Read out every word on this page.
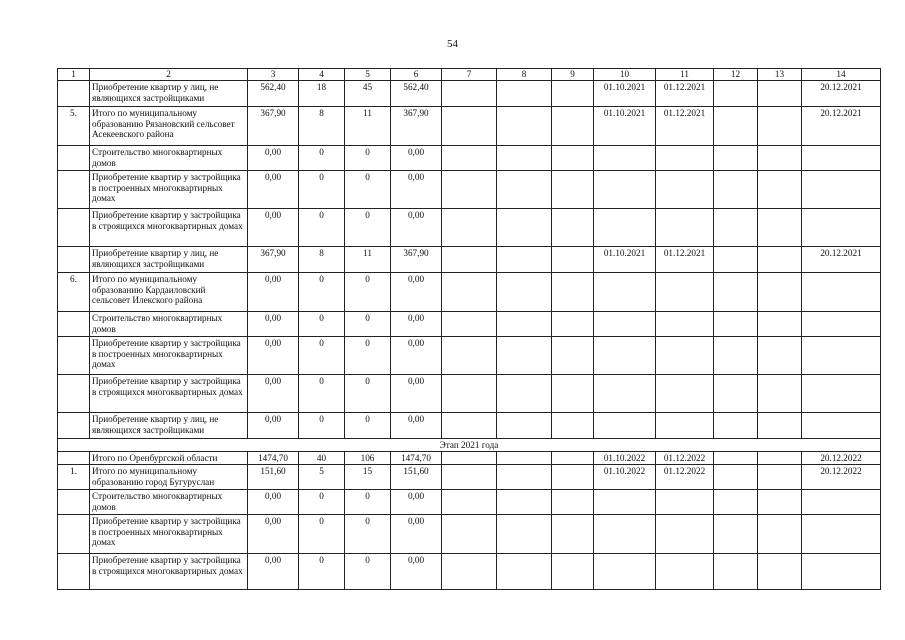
54
1	2	3	4	5	6	7	8	9	10	11	12	13	14
	Приобретение квартир у лиц, не являющихся застройщиками	562,40	18	45	562,40				01.10.2021	01.12.2021			20.12.2021
5.	Итого по муниципальному образованию Рязановский сельсовет Асекеевского района	367,90	8	11	367,90				01.10.2021	01.12.2021			20.12.2021
	Строительство многоквартирных домов	0,00	0	0	0,00								
	Приобретение квартир у застройщика в построенных многоквартирных домах	0,00	0	0	0,00								
	Приобретение квартир у застройщика в строящихся многоквартирных домах	0,00	0	0	0,00								
	Приобретение квартир у лиц, не являющихся застройщиками	367,90	8	11	367,90				01.10.2021	01.12.2021			20.12.2021
6.	Итого по муниципальному образованию Кардаиловский сельсовет Илекского района	0,00	0	0	0,00								
	Строительство многоквартирных домов	0,00	0	0	0,00								
	Приобретение квартир у застройщика в построенных многоквартирных домах	0,00	0	0	0,00								
	Приобретение квартир у застройщика в строящихся многоквартирных домах	0,00	0	0	0,00								
	Приобретение квартир у лиц, не являющихся застройщиками	0,00	0	0	0,00								
Этап 2021 года													
	Итого по Оренбургской области	1474,70	40	106	1474,70				01.10.2022	01.12.2022			20.12.2022
1.	Итого по муниципальному образованию город Бугуруслан	151,60	5	15	151,60				01.10.2022	01.12.2022			20.12.2022
	Строительство многоквартирных домов	0,00	0	0	0,00								
	Приобретение квартир у застройщика в построенных многоквартирных домах	0,00	0	0	0,00								
	Приобретение квартир у застройщика в строящихся многоквартирных домах	0,00	0	0	0,00								
